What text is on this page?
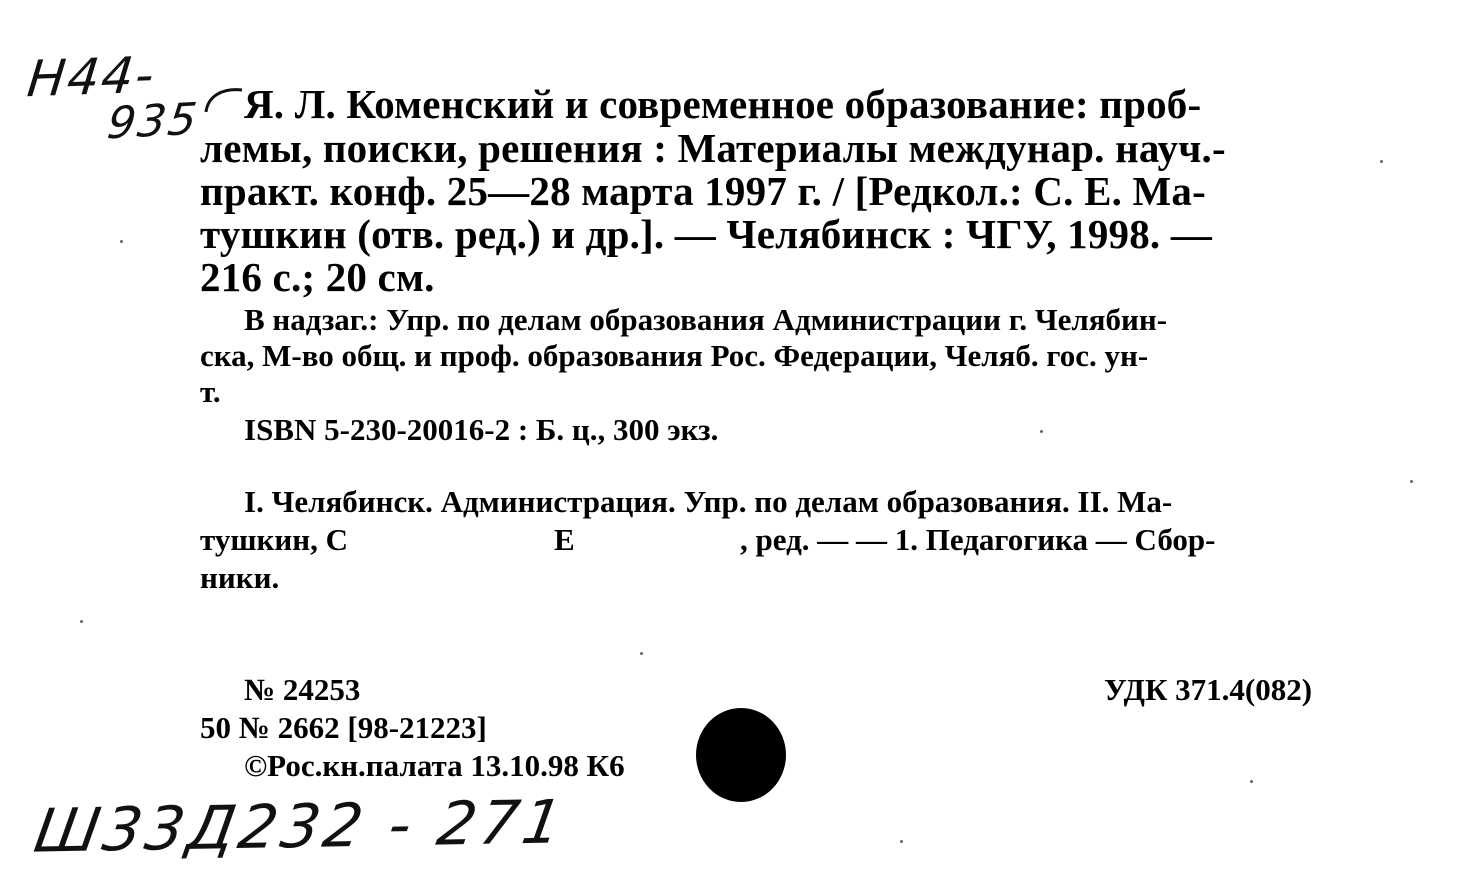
Н44-
935 Я. Л. Коменский и современное образование: проб-
лемы, поиски, решения : Материалы междунар. науч.-
практ. конф. 25—28 марта 1997 г. / [Редкол.: С. Е. Ма-
тушкин (отв. ред.) и др.]. — Челябинск : ЧГУ, 1998. —
216 с.; 20 см.
В надзаг.: Упр. по делам образования Администрации г. Челябин-
ска, М-во общ. и проф. образования Рос. Федерации, Челяб. гос. ун-
т.
ISBN 5-230-20016-2 : Б. ц., 300 экз.
I. Челябинск. Администрация. Упр. по делам образования. II. Ма-
тушкин, С	Е	, ред. — — 1. Педагогика — Сбор-
ники.
№ 24253	УДК 371.4(082)
50 № 2662 [98-21223]
©Рос.кн.палата 13.10.98 К6
Ш33Д232 - 271
